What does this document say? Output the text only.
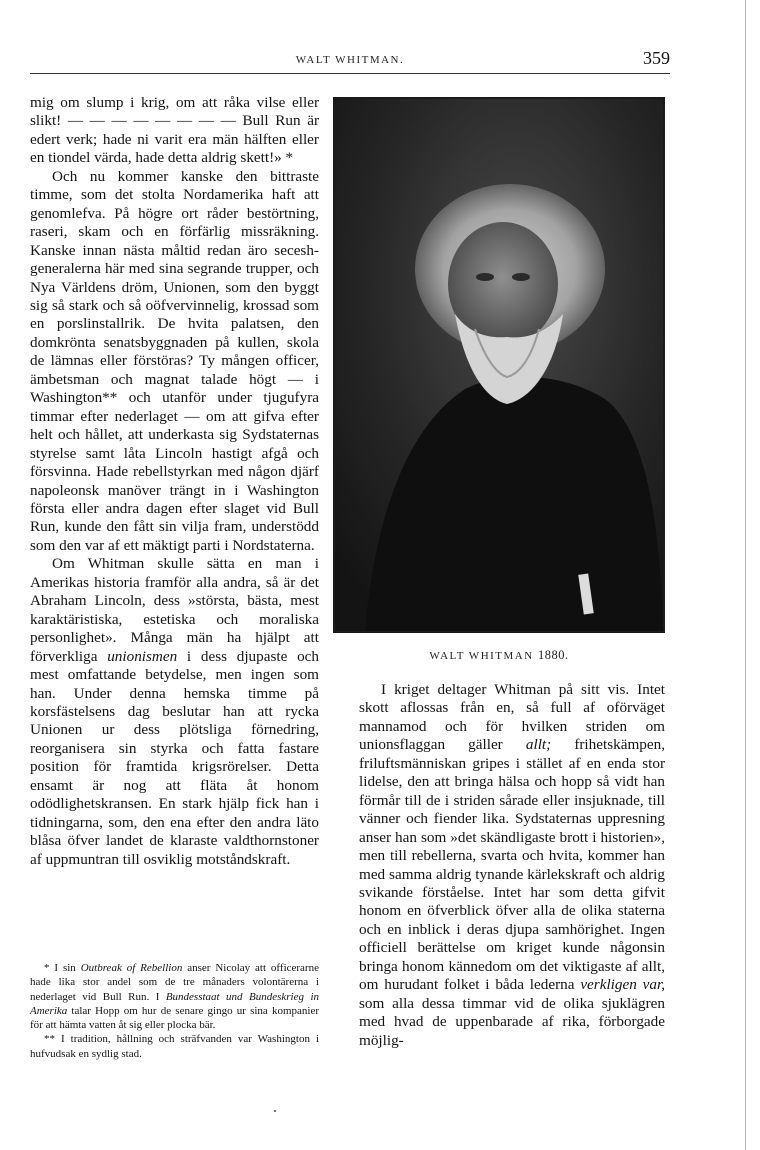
WALT WHITMAN.	359

mig om slump i krig, om att råka vilse eller slikt! — — — — — — — — Bull Run är edert verk; hade ni varit era män hälften eller en tiondel värda, hade detta aldrig skett!» *

Och nu kommer kanske den bittraste timme, som det stolta Nordamerika haft att genomlefva. På högre ort råder bestörtning, raseri, skam och en förfärlig missräkning. Kanske innan nästa måltid redan äro secesh-generalerna här med sina segrande trupper, och Nya Världens dröm, Unionen, som den byggt sig så stark och så oöfvervinnelig, krossad som en porslinstallrik. De hvita palatsen, den domkrönta senatsbyggnaden på kullen, skola de lämnas eller förstöras? Ty mången officer, ämbetsman och magnat talade högt — i Washington** och utanför under tjugufyra timmar efter nederlaget — om att gifva efter helt och hållet, att underkasta sig Sydstaternas styrelse samt låta Lincoln hastigt afgå och försvinna. Hade rebellstyrkan med någon djärf napoleonsk manöver trängt in i Washington första eller andra dagen efter slaget vid Bull Run, kunde den fått sin vilja fram, understödd som den var af ett mäktigt parti i Nordstaterna.

Om Whitman skulle sätta en man i Amerikas historia framför alla andra, så är det Abraham Lincoln, dess »största, bästa, mest karaktäristiska, estetiska och moraliska personlighet». Många män ha hjälpt att förverkliga unionismen i dess djupaste och mest omfattande betydelse, men ingen som han. Under denna hemska timme på korsfästelsens dag beslutar han att rycka Unionen ur dess plötsliga förnedring, reorganisera sin styrka och fatta fastare position för framtida krigsrörelser. Detta ensamt är nog att fläta åt honom odödlighetskransen. En stark hjälp fick han i tidningarna, som, den ena efter den andra läto blåsa öfver landet de klaraste valdthornstoner af uppmuntran till osviklig motståndskraft.

* I sin Outbreak of Rebellion anser Nicolay att officerarne hade lika stor andel som de tre månaders volontärerna i nederlaget vid Bull Run. I Bundesstaat und Bundeskrieg in Amerika talar Hopp om hur de senare gingo ur sina kompanier för att hämta vatten åt sig eller plocka bär.

** I tradition, hållning och sträfvanden var Washington i hufvudsak en sydlig stad.

WALT WHITMAN 1880.

I kriget deltager Whitman på sitt vis. Intet skott aflossas från en, så full af oförväget mannamod och för hvilken striden om unionsflaggan gäller allt; frihetskämpen, friluftsmänniskan gripes i stället af en enda stor lidelse, den att bringa hälsa och hopp så vidt han förmår till de i striden sårade eller insjuknade, till vänner och fiender lika. Sydstaternas uppresning anser han som »det skändligaste brott i historien», men till rebellerna, svarta och hvita, kommer han med samma aldrig tynande kärlekskraft och aldrig svikande förståelse. Intet har som detta gifvit honom en öfverblick öfver alla de olika staterna och en inblick i deras djupa samhörighet. Ingen officiell berättelse om kriget kunde någonsin bringa honom kännedom om det viktigaste af allt, om hurudant folket i båda lederna verkligen var, som alla dessa timmar vid de olika sjuklägren med hvad de uppenbarade af rika, förborgade möjlig-
